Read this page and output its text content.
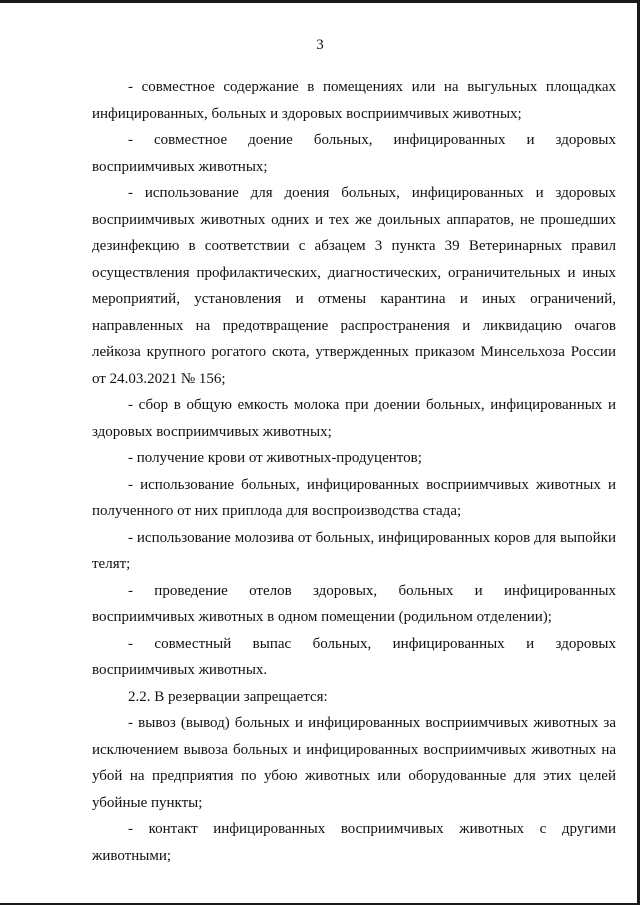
3

- совместное содержание в помещениях или на выгульных площадках инфицированных, больных и здоровых восприимчивых животных;

- совместное доение больных, инфицированных и здоровых восприимчивых животных;

- использование для доения больных, инфицированных и здоровых восприимчивых животных одних и тех же доильных аппаратов, не прошедших дезинфекцию в соответствии с абзацем 3 пункта 39 Ветеринарных правил осуществления профилактических, диагностических, ограничительных и иных мероприятий, установления и отмены карантина и иных ограничений, направленных на предотвращение распространения и ликвидацию очагов лейкоза крупного рогатого скота, утвержденных приказом Минсельхоза России от 24.03.2021 № 156;

- сбор в общую емкость молока при доении больных, инфицированных и здоровых восприимчивых животных;

- получение крови от животных-продуцентов;

- использование больных, инфицированных восприимчивых животных и полученного от них приплода для воспроизводства стада;

- использование молозива от больных, инфицированных коров для выпойки телят;

- проведение отелов здоровых, больных и инфицированных восприимчивых животных в одном помещении (родильном отделении);

- совместный выпас больных, инфицированных и здоровых восприимчивых животных.

2.2. В резервации запрещается:

- вывоз (вывод) больных и инфицированных восприимчивых животных за исключением вывоза больных и инфицированных восприимчивых животных на убой на предприятия по убою животных или оборудованные для этих целей убойные пункты;

- контакт инфицированных восприимчивых животных с другими животными;
